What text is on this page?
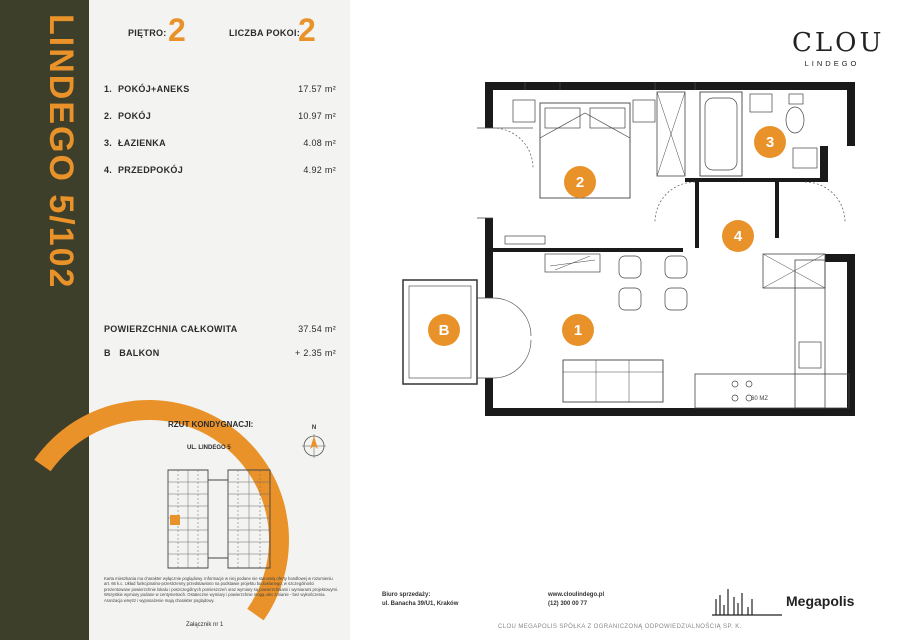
LINDEGO 5/102	PIĘTRO: 2	LICZBA POKOI:
2
1. POKÓJ+ANEKS	17.57 m²
2. POKÓJ	10.97 m²
3. ŁAZIENKA	4.08 m²
4. PRZEDPOKÓJ	4.92 m²
POWIERZCHNIA CAŁKOWITA	37.54 m²
B   BALKON	+ 2.35 m²
RZUT KONDYGNACJI:
UL. LINDEGO 5
N
Karta mieszkania ma charakter wyłącznie poglądowy. Informacje w niej podane nie stanowią oferty handlowej w rozumieniu art. 66 k.c. Układ funkcjonalno-przestrzenny przedstawiono na podstawie projektu budowlanego, w szczególności prezentowane powierzchnie lokalu i poszczególnych pomieszczeń oraz wymiary są powierzchniami i wymiarami projektowymi. Wszystkie wymiary podane w centymetrach. Ostateczne wymiary i powierzchnie mogą ulec zmianie - bez wykończenia. Aranżacja wnętrz i wyposażenie mają charakter poglądowy.
Załącznik nr 1
CLOU
LINDEGO
60 MZ
2
3
4
1
B
Biuro sprzedaży:
ul. Banacha 39/U1, Kraków
www.cloulindego.pl
(12) 300 00 77	Megapolis
CLOU MEGAPOLIS SPÓŁKA Z OGRANICZONĄ ODPOWIEDZIALNOŚCIĄ SP. K.
